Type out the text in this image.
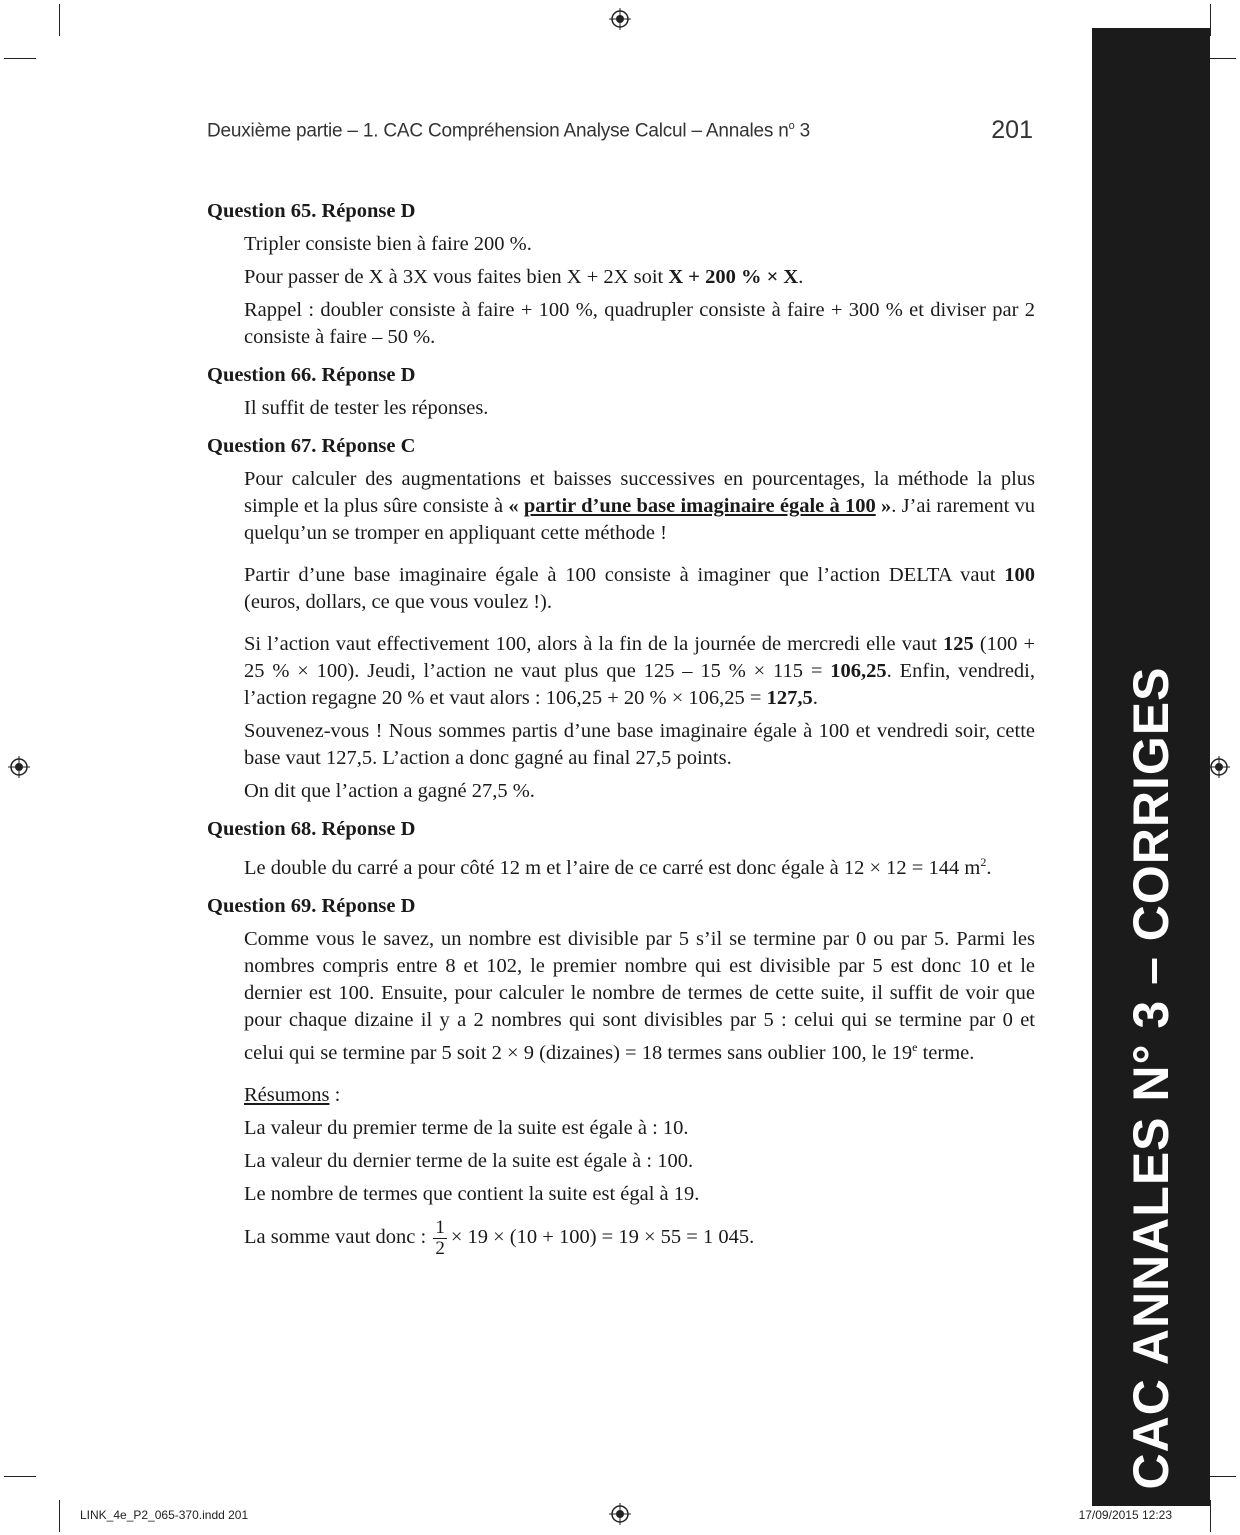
Deuxième partie – 1. CAC Compréhension Analyse Calcul – Annales $n^o$ 3	201

Question 65. Réponse D

Tripler consiste bien à faire 200 %.

Pour passer de X à 3X vous faites bien X + 2X soit X + 200 % × X.

Rappel : doubler consiste à faire + 100 %, quadrupler consiste à faire + 300 % et diviser par 2 consiste à faire – 50 %.

Question 66. Réponse D

Il suffit de tester les réponses.

Question 67. Réponse C

Pour calculer des augmentations et baisses successives en pourcentages, la méthode la plus simple et la plus sûre consiste à « partir d’une base imaginaire égale à 100 ». J’ai rarement vu quelqu’un se tromper en appliquant cette méthode !

Partir d’une base imaginaire égale à 100 consiste à imaginer que l’action DELTA vaut 100 (euros, dollars, ce que vous voulez !).

Si l’action vaut effectivement 100, alors à la fin de la journée de mercredi elle vaut 125 (100 + 25 % × 100). Jeudi, l’action ne vaut plus que 125 – 15 % × 115 = 106,25. Enfin, vendredi, l’action regagne 20 % et vaut alors : 106,25 + 20 % × 106,25 = 127,5.

Souvenez-vous ! Nous sommes partis d’une base imaginaire égale à 100 et vendredi soir, cette base vaut 127,5. L’action a donc gagné au final 27,5 points.

On dit que l’action a gagné 27,5 %.

Question 68. Réponse D

Le double du carré a pour côté 12 m et l’aire de ce carré est donc égale à 12 × 12 = 144 $m^2$.

Question 69. Réponse D

Comme vous le savez, un nombre est divisible par 5 s’il se termine par 0 ou par 5. Parmi les nombres compris entre 8 et 102, le premier nombre qui est divisible par 5 est donc 10 et le dernier est 100. Ensuite, pour calculer le nombre de termes de cette suite, il suffit de voir que pour chaque dizaine il y a 2 nombres qui sont divisibles par 5 : celui qui se termine par 0 et celui qui se termine par 5 soit 2 × 9 (dizaines) = 18 termes sans oublier 100, le 19e terme.

Résumons :

La valeur du premier terme de la suite est égale à : 10.

La valeur du dernier terme de la suite est égale à : 100.

Le nombre de termes que contient la suite est égal à 19.

La somme vaut donc : $\frac{1}{2} \times 19 \times (10 + 100) = 19 \times 55 = 1$ 045.	CAC ANNALES N° 3 – CORRIGES
LINK_4e_P2_065-370.indd 201	17/09/2015 12:23
